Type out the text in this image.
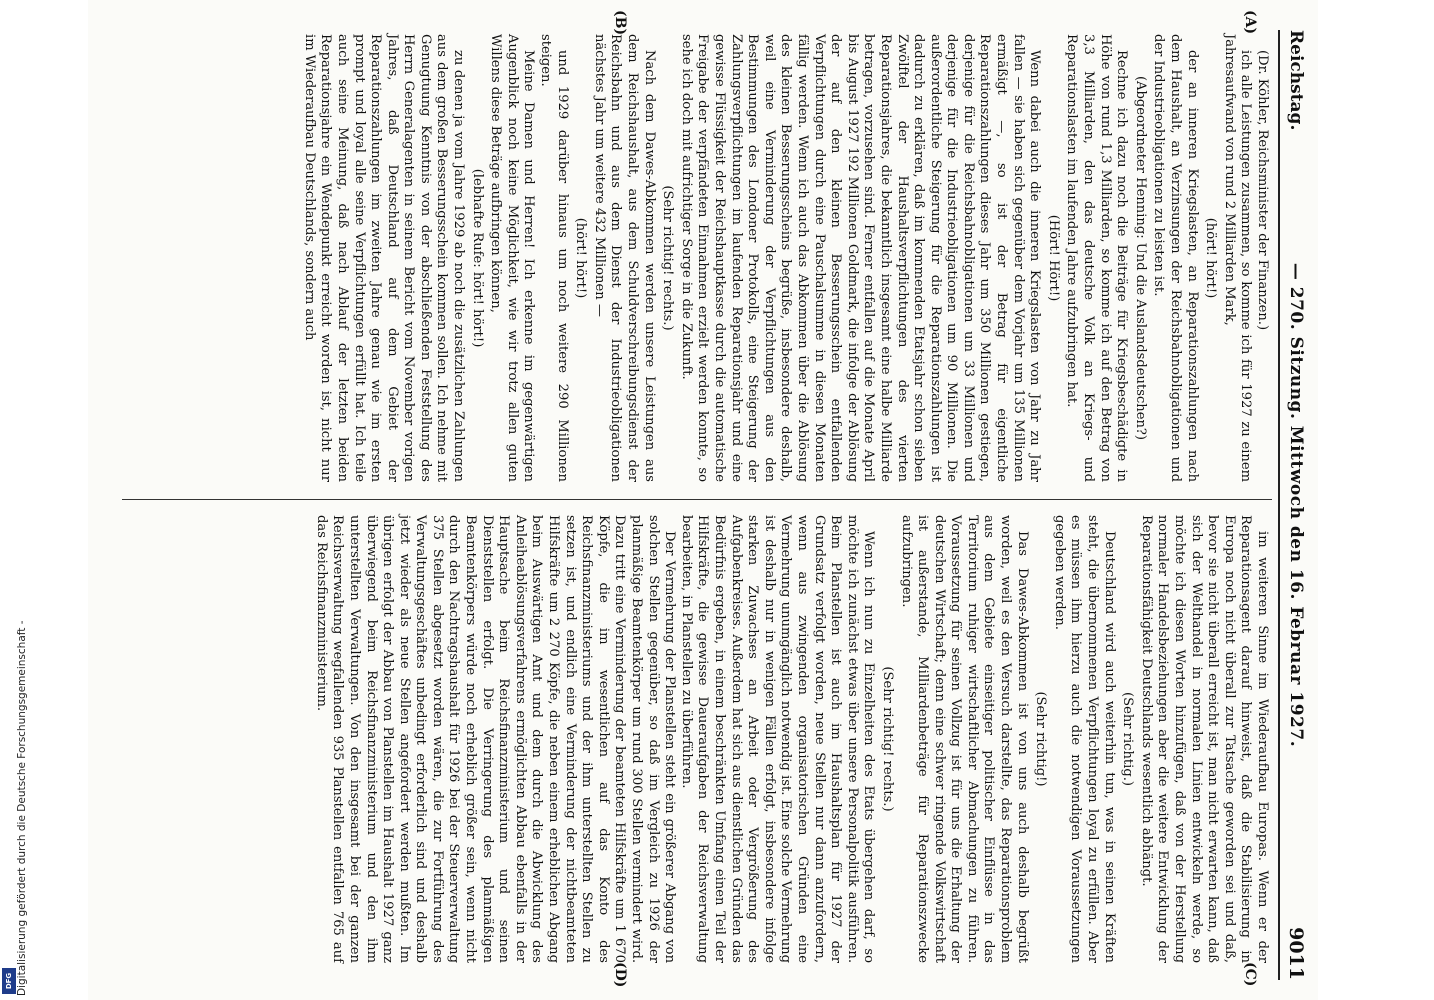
Digitalisierung gefördert durch die Deutsche Forschungsgemeinschaft -
DFG
Reichstag.
— 270. Sitzung. Mittwoch den 16. Februar 1927.
9011
(A)
(B)
(C)
(D)

(Dr. Köhler, Reichsminister der Finanzen.)

ich alle Leistungen zusammen, so komme ich für 1927 zu einem Jahresaufwand von rund 2 Milliarden Mark,

(hört! hört!)

der an inneren Kriegslasten, an Reparationszahlungen nach dem Haushalt, an Verzinsungen der Reichsbahnobligationen und der Industrieobligationen zu leisten ist.

(Abgeordneter Henning: Und die Auslandsdeutschen?)

Rechne ich dazu noch die Beiträge für Kriegsbeschädigte in Höhe von rund 1,3 Milliarden, so komme ich auf den Betrag von 3,3 Milliarden, den das deutsche Volk an Kriegs- und Reparationslasten im laufenden Jahre aufzubringen hat.

(Hört! Hört!)

Wenn dabei auch die inneren Kriegslasten von Jahr zu Jahr fallen — sie haben sich gegenüber dem Vorjahr um 135 Millionen ermäßigt —, so ist der Betrag für eigentliche Reparationszahlungen dieses Jahr um 350 Millionen gestiegen, derjenige für die Reichsbahnobligationen um 33 Millionen und derjenige für die Industrieobligationen um 90 Millionen. Die außerordentliche Steigerung für die Reparationszahlungen ist dadurch zu erklären, daß im kommenden Etatsjahr schon sieben Zwölftel der Haushaltsverpflichtungen des vierten Reparationsjahres, die bekanntlich insgesamt eine halbe Milliarde betragen, vorzusehen sind. Ferner entfallen auf die Monate April bis August 1927 192 Millionen Goldmark, die infolge der Ablösung der auf den kleinen Besserungsschein entfallenden Verpflichtungen durch eine Pauschalsumme in diesen Monaten fällig werden. Wenn ich auch das Abkommen über die Ablösung des kleinen Besserungsscheins begrüße, insbesondere deshalb, weil eine Verminderung der Verpflichtungen aus den Bestimmungen des Londoner Protokolls, eine Steigerung der Zahlungsverpflichtungen im laufenden Reparationsjahr und eine gewisse Flüssigkeit der Reichshauptkasse durch die automatische Freigabe der verpfändeten Einnahmen erzielt werden konnte, so sehe ich doch mit aufrichtiger Sorge in die Zukunft.

(Sehr richtig! rechts.)

Nach dem Dawes-Abkommen werden unsere Leistungen aus dem Reichshaushalt, aus dem Schuldverschreibungsdienst der Reichsbahn und aus dem Dienst der Industrieobligationen nächstes Jahr um weitere 432 Millionen —

(hört! hört!)

und 1929 darüber hinaus um noch weitere 290 Millionen steigen.

Meine Damen und Herren! Ich erkenne im gegenwärtigen Augenblick noch keine Möglichkeit, wie wir trotz allen guten Willens diese Beträge aufbringen können,

(lebhafte Rufe: hört! hört!)

zu denen ja vom Jahre 1929 ab noch die zusätzlichen Zahlungen aus dem großen Besserungsschein kommen sollen. Ich nehme mit Genugtuung Kenntnis von der abschließenden Feststellung des Herrn Generalagenten in seinem Bericht vom November vorigen Jahres, daß Deutschland auf dem Gebiet der Reparationszahlungen im zweiten Jahre genau wie im ersten prompt und loyal alle seine Verpflichtungen erfüllt hat. Ich teile auch seine Meinung, daß nach Ablauf der letzten beiden Reparationsjahre ein Wendepunkt erreicht worden ist, nicht nur im Wiederaufbau Deutschlands, sondern auch

im weiteren Sinne im Wiederaufbau Europas. Wenn er der Reparationsagent darauf hinweist, daß die Stabilisierung in Europa noch nicht überall zur Tatsache geworden sei und daß, bevor sie nicht überall erreicht ist, man nicht erwarten kann, daß sich der Welthandel in normalen Linien entwickeln werde, so möchte ich diesen Worten hinzufügen, daß von der Herstellung normaler Handelsbeziehungen aber die weitere Entwicklung der Reparationsfähigkeit Deutschlands wesentlich abhängt.

(Sehr richtig.)

Deutschland wird auch weiterhin tun, was in seinen Kräften steht, die übernommenen Verpflichtungen loyal zu erfüllen. Aber es müssen ihm hierzu auch die notwendigen Voraussetzungen gegeben werden.

(Sehr richtig!)

Das Dawes-Abkommen ist von uns auch deshalb begrüßt worden, weil es den Versuch darstellte, das Reparationsproblem aus dem Gebiete einseitiger politischer Einflüsse in das Territorium ruhiger wirtschaftlicher Abmachungen zu führen. Voraussetzung für seinen Vollzug ist für uns die Erhaltung der deutschen Wirtschaft; denn eine schwer ringende Volkswirtschaft ist außerstande, Milliardenbeträge für Reparationszwecke aufzubringen.

(Sehr richtig! rechts.)

Wenn ich nun zu Einzelheiten des Etats übergehen darf, so möchte ich zunächst etwas über unsere Personalpolitik ausführen. Beim Planstellen ist auch im Haushaltsplan für 1927 der Grundsatz verfolgt worden, neue Stellen nur dann anzufordern, wenn aus zwingenden organisatorischen Gründen eine Vermehrung unumgänglich notwendig ist. Eine solche Vermehrung ist deshalb nur in wenigen Fällen erfolgt, insbesondere infolge starken Zuwachses an Arbeit oder Vergrößerung des Aufgabenkreises. Außerdem hat sich aus dienstlichen Gründen das Bedürfnis ergeben, in einem beschränkten Umfang einen Teil der Hilfskräfte, die gewisse Daueraufgaben der Reichsverwaltung bearbeiten, in Planstellen zu überführen.

Der Vermehrung der Planstellen steht ein größerer Abgang von solchen Stellen gegenüber, so daß im Vergleich zu 1926 der planmäßige Beamtenkörper um rund 300 Stellen vermindert wird. Dazu tritt eine Verminderung der beamteten Hilfskräfte um 1 670 Köpfe, die im wesentlichen auf das Konto des Reichsfinanzministeriums und der ihm unterstellten Stellen zu setzen ist, und endlich eine Verminderung der nichtbeamteten Hilfskräfte um 2 270 Köpfe, die neben einem erheblichen Abgang beim Auswärtigen Amt und dem durch die Abwicklung des Anleiheablösungsverfahrens ermöglichten Abbau ebenfalls in der Hauptsache beim Reichsfinanzministerium und seinen Dienststellen erfolgt. Die Verringerung des planmäßigen Beamtenkörpers würde noch erheblich größer sein, wenn nicht durch den Nachtragshaushalt für 1926 bei der Steuerverwaltung 375 Stellen abgesetzt worden wären, die zur Fortführung des Verwaltungsgeschäftes unbedingt erforderlich sind und deshalb jetzt wieder als neue Stellen angefordert werden mußten. Im übrigen erfolgt der Abbau von Planstellen im Haushalt 1927 ganz überwiegend beim Reichsfinanzministerium und den ihm unterstellten Verwaltungen. Von den insgesamt bei der ganzen Reichsverwaltung wegfallenden 935 Planstellen entfallen 765 auf das Reichsfinanzministerium.
